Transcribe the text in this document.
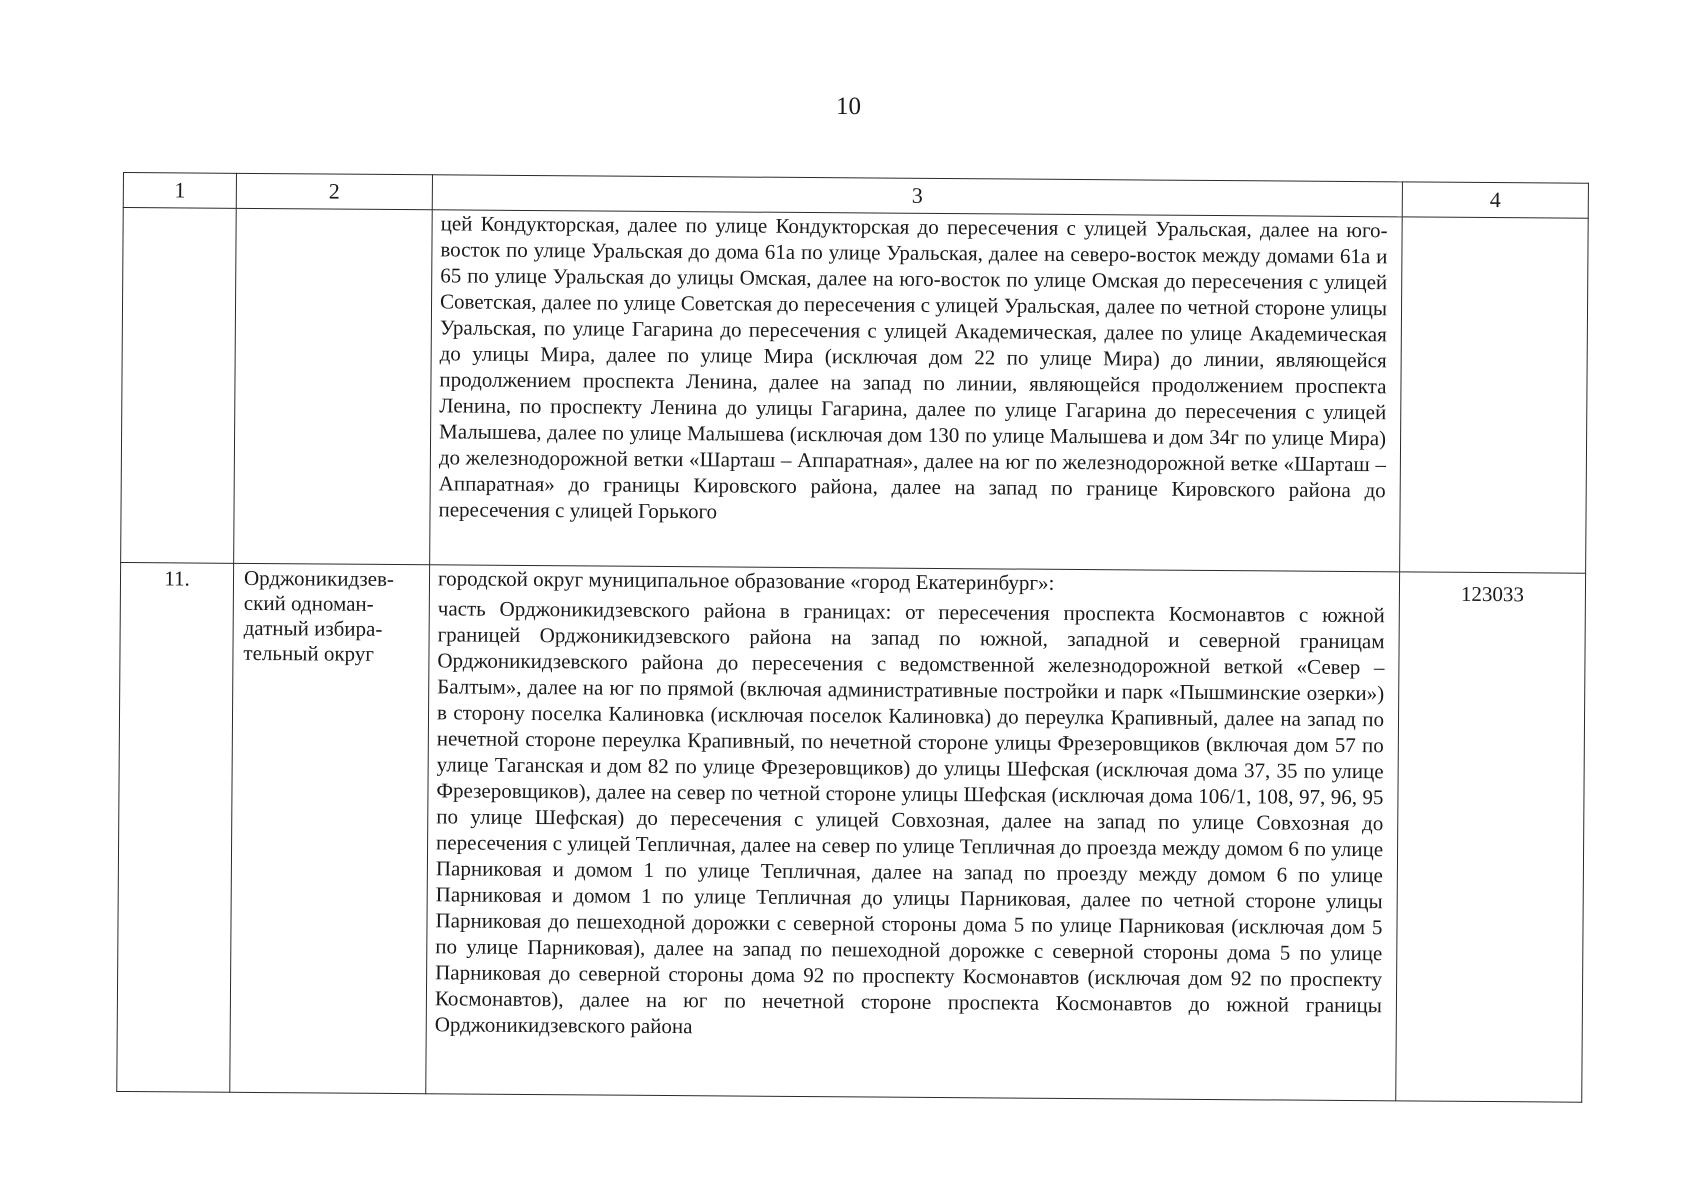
10
1	2	3	4

		цей Кондукторская, далее по улице Кондукторская до пересечения с улицей Уральская, далее на юго-восток по улице Уральская до дома 61а по улице Уральская, далее на северо-восток между домами 61а и 65 по улице Уральская до улицы Омская, далее на юго-восток по улице Омская до пересечения с улицей Советская, далее по улице Советская до пересечения с улицей Уральская, далее по четной стороне улицы Уральская, по улице Гагарина до пересечения с улицей Академическая, далее по улице Академическая до улицы Мира, далее по улице Мира (исключая дом 22 по улице Мира) до линии, являющейся продолжением проспекта Ленина, далее на запад по линии, являющейся продолжением проспекта Ленина, по проспекту Ленина до улицы Гагарина, далее по улице Гагарина до пересечения с улицей Малышева, далее по улице Малышева (исключая дом 130 по улице Малышева и дом 34г по улице Мира) до железнодорожной ветки «Шарташ – Аппаратная», далее на юг по железнодорожной ветке «Шарташ – Аппаратная» до границы Кировского района, далее на запад по границе Кировского района до пересечения с улицей Горького	

11.	Орджоникидзев-ский одноман-датный избира-тельный округ	городской округ муниципальное образование «город Екатеринбург»:

часть Орджоникидзевского района в границах: от пересечения проспекта Космонавтов с южной границей Орджоникидзевского района на запад по южной, западной и северной границам Орджоникидзевского района до пересечения с ведомственной железнодорожной веткой «Север – Балтым», далее на юг по прямой (включая административные постройки и парк «Пышминские озерки») в сторону поселка Калиновка (исключая поселок Калиновка) до переулка Крапивный, далее на запад по нечетной стороне переулка Крапивный, по нечетной стороне улицы Фрезеровщиков (включая дом 57 по улице Таганская и дом 82 по улице Фрезеровщиков) до улицы Шефская (исключая дома 37, 35 по улице Фрезеровщиков), далее на север по четной стороне улицы Шефская (исключая дома 106/1, 108, 97, 96, 95 по улице Шефская) до пересечения с улицей Совхозная, далее на запад по улице Совхозная до пересечения с улицей Тепличная, далее на север по улице Тепличная до проезда между домом 6 по улице Парниковая и домом 1 по улице Тепличная, далее на запад по проезду между домом 6 по улице Парниковая и домом 1 по улице Тепличная до улицы Парниковая, далее по четной стороне улицы Парниковая до пешеходной дорожки с северной стороны дома 5 по улице Парниковая (исключая дом 5 по улице Парниковая), далее на запад по пешеходной дорожке с северной стороны дома 5 по улице Парниковая до северной стороны дома 92 по проспекту Космонавтов (исключая дом 92 по проспекту Космонавтов), далее на юг по нечетной стороне проспекта Космонавтов до южной границы Орджоникидзевского района	123033
